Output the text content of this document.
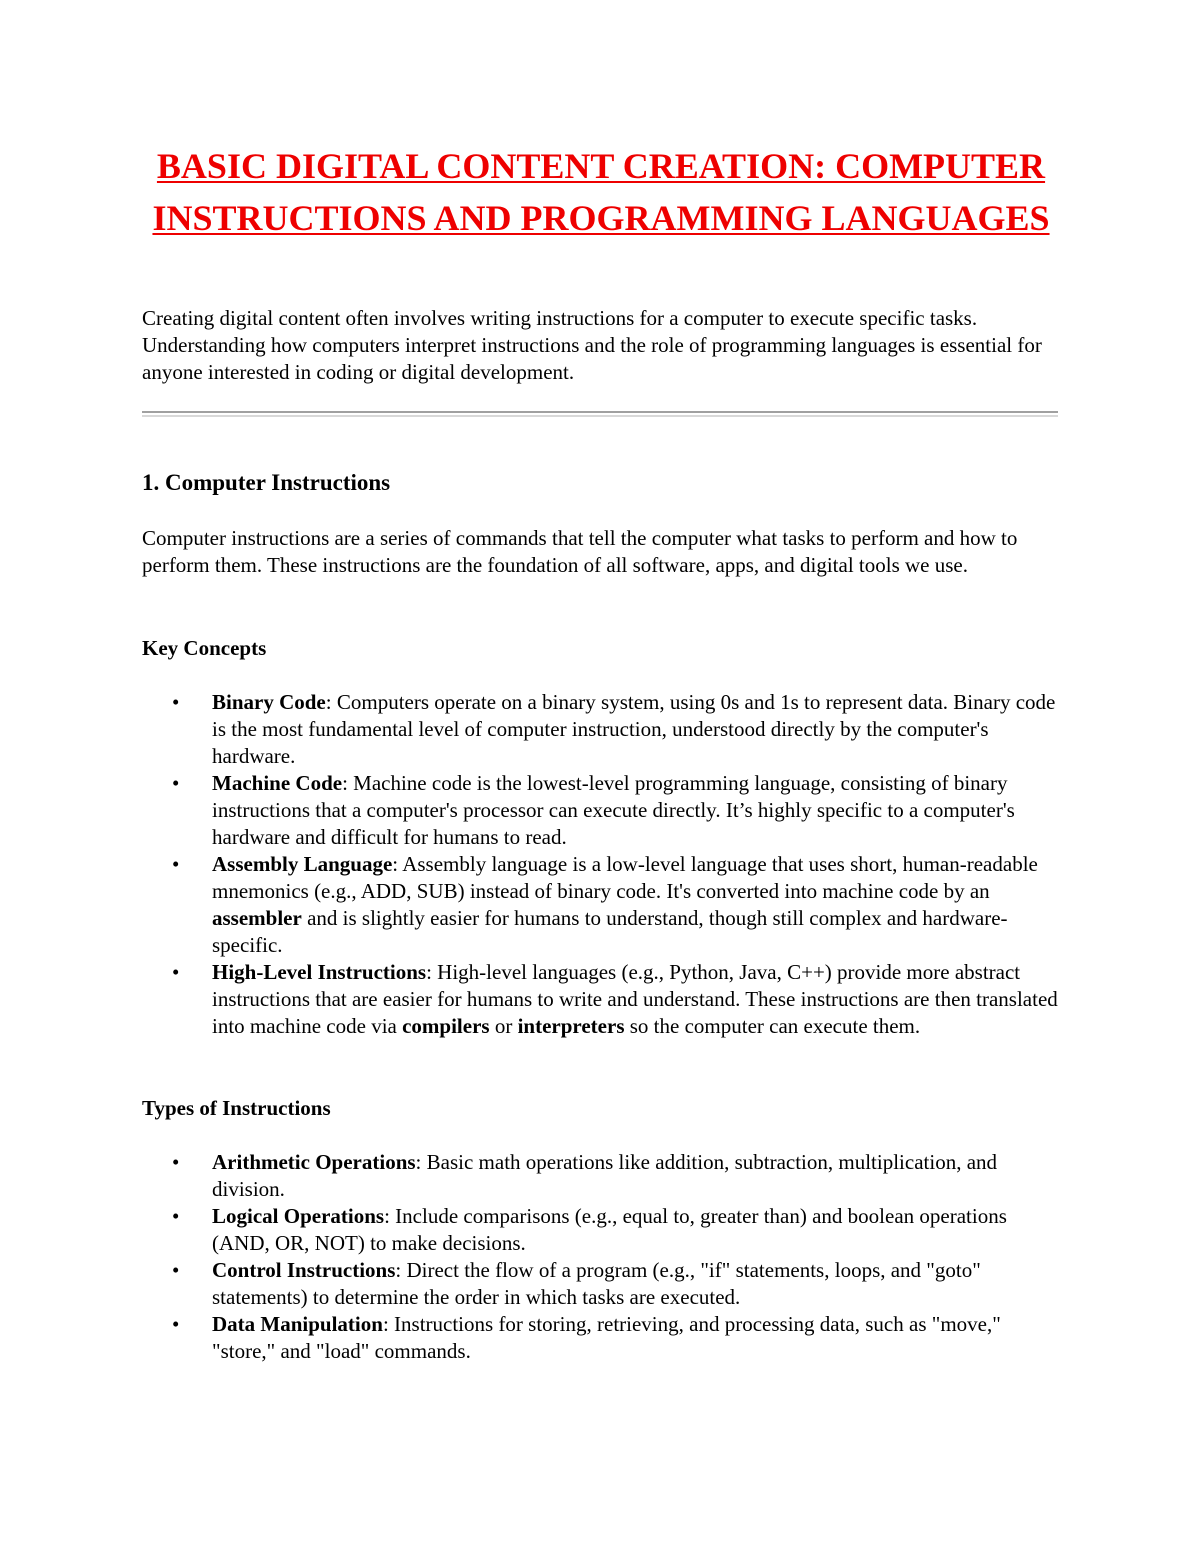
BASIC DIGITAL CONTENT CREATION: COMPUTER INSTRUCTIONS AND PROGRAMMING LANGUAGES

Creating digital content often involves writing instructions for a computer to execute specific tasks. Understanding how computers interpret instructions and the role of programming languages is essential for anyone interested in coding or digital development.

1. Computer Instructions

Computer instructions are a series of commands that tell the computer what tasks to perform and how to perform them. These instructions are the foundation of all software, apps, and digital tools we use.

Key Concepts
• Binary Code: Computers operate on a binary system, using 0s and 1s to represent data. Binary code is the most fundamental level of computer instruction, understood directly by the computer's hardware.
• Machine Code: Machine code is the lowest-level programming language, consisting of binary instructions that a computer's processor can execute directly. It’s highly specific to a computer's hardware and difficult for humans to read.
• Assembly Language: Assembly language is a low-level language that uses short, human-readable mnemonics (e.g., ADD, SUB) instead of binary code. It's converted into machine code by an assembler and is slightly easier for humans to understand, though still complex and hardware-specific.
• High-Level Instructions: High-level languages (e.g., Python, Java, C++) provide more abstract instructions that are easier for humans to write and understand. These instructions are then translated into machine code via compilers or interpreters so the computer can execute them.
Types of Instructions
• Arithmetic Operations: Basic math operations like addition, subtraction, multiplication, and division.
• Logical Operations: Include comparisons (e.g., equal to, greater than) and boolean operations (AND, OR, NOT) to make decisions.
• Control Instructions: Direct the flow of a program (e.g., "if" statements, loops, and "goto" statements) to determine the order in which tasks are executed.
• Data Manipulation: Instructions for storing, retrieving, and processing data, such as "move," "store," and "load" commands.
